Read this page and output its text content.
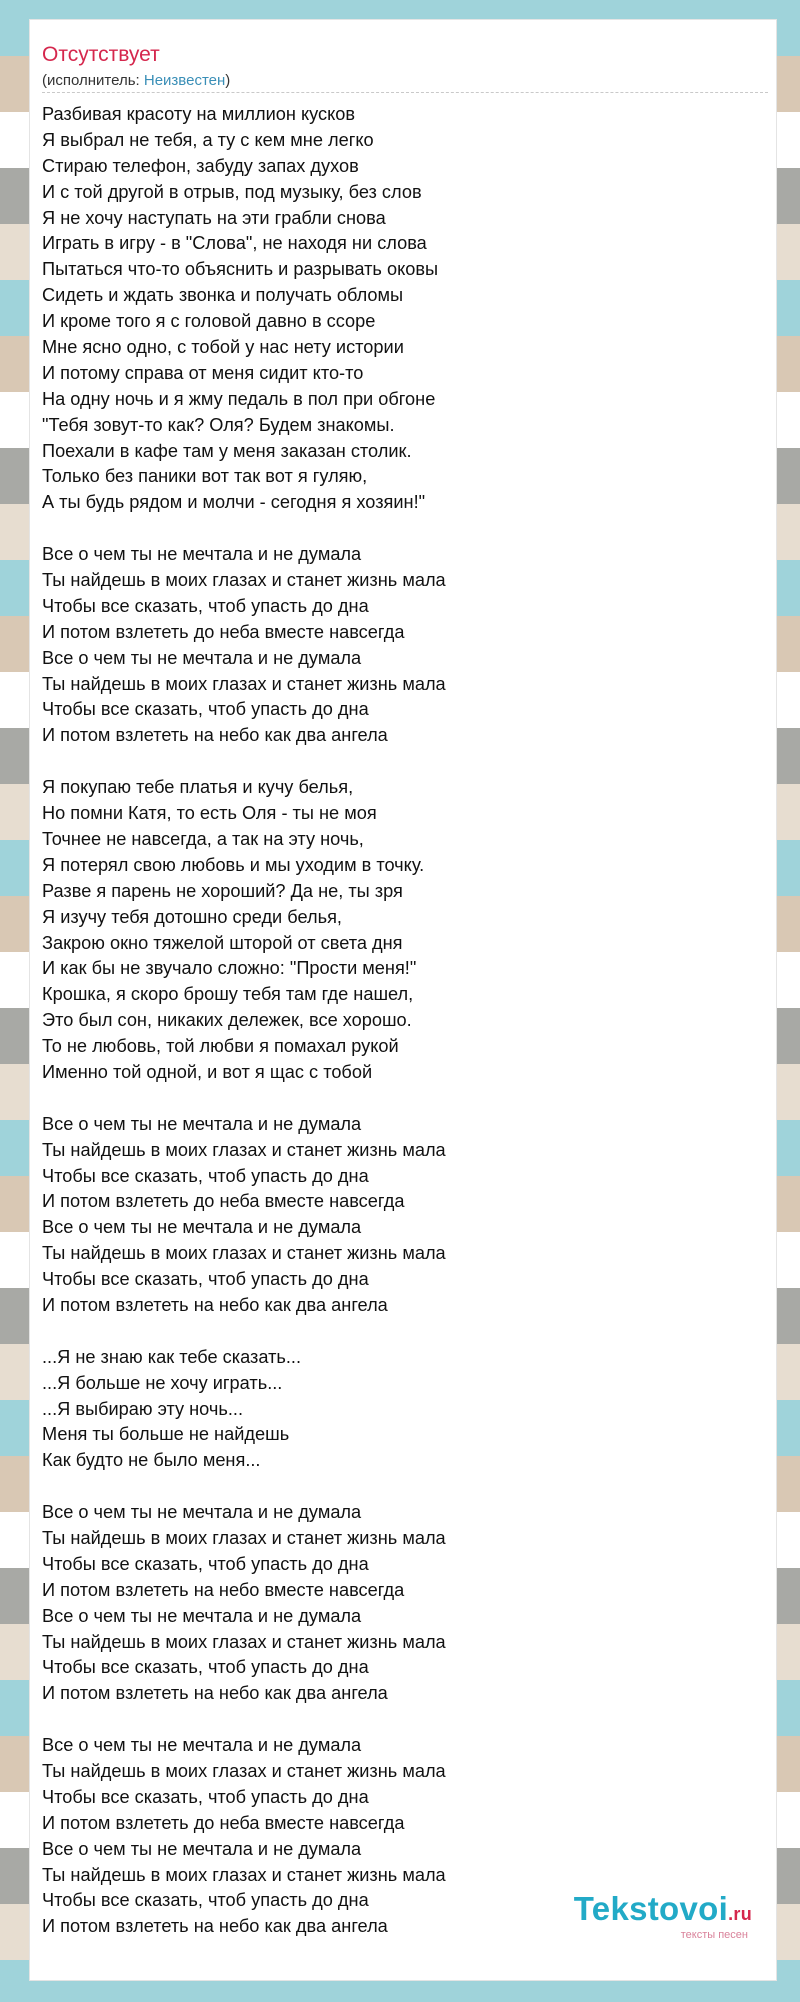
Отсутствует
(исполнитель: Неизвестен)
Разбивая красоту на миллион кусков
Я выбрал не тебя, а ту с кем мне легко
Стираю телефон, забуду запах духов
И с той другой в отрыв, под музыку, без слов
Я не хочу наступать на эти грабли снова
Играть в игру - в "Слова", не находя ни слова
Пытаться что-то объяснить и разрывать оковы
Сидеть и ждать звонка и получать обломы
И кроме того я с головой давно в ссоре
Мне ясно одно, с тобой у нас нету истории
И потому справа от меня сидит кто-то
На одну ночь и я жму педаль в пол при обгоне
"Тебя зовут-то как? Оля? Будем знакомы.
Поехали в кафе там у меня заказан столик.
Только без паники вот так вот я гуляю,
А ты будь рядом и молчи - сегодня я хозяин!"
Все о чем ты не мечтала и не думала
Ты найдешь в моих глазах и станет жизнь мала
Чтобы все сказать, чтоб упасть до дна
И потом взлететь до неба вместе навсегда
Все о чем ты не мечтала и не думала
Ты найдешь в моих глазах и станет жизнь мала
Чтобы все сказать, чтоб упасть до дна
И потом взлететь на небо как два ангела
Я покупаю тебе платья и кучу белья,
Но помни Катя, то есть Оля - ты не моя
Точнее не навсегда, а так на эту ночь,
Я потерял свою любовь и мы уходим в точку.
Разве я парень не хороший? Да не, ты зря
Я изучу тебя дотошно среди белья,
Закрою окно тяжелой шторой от света дня
И как бы не звучало сложно: "Прости меня!"
Крошка, я скоро брошу тебя там где нашел,
Это был сон, никаких дележек, все хорошо.
То не любовь, той любви я помахал рукой
Именно той одной, и вот я щас с тобой
Все о чем ты не мечтала и не думала
Ты найдешь в моих глазах и станет жизнь мала
Чтобы все сказать, чтоб упасть до дна
И потом взлететь до неба вместе навсегда
Все о чем ты не мечтала и не думала
Ты найдешь в моих глазах и станет жизнь мала
Чтобы все сказать, чтоб упасть до дна
И потом взлететь на небо как два ангела
...Я не знаю как тебе сказать...
...Я больше не хочу играть...
...Я выбираю эту ночь...
Меня ты больше не найдешь
Как будто не было меня...
Все о чем ты не мечтала и не думала
Ты найдешь в моих глазах и станет жизнь мала
Чтобы все сказать, чтоб упасть до дна
И потом взлететь на небо вместе навсегда
Все о чем ты не мечтала и не думала
Ты найдешь в моих глазах и станет жизнь мала
Чтобы все сказать, чтоб упасть до дна
И потом взлететь на небо как два ангела
Все о чем ты не мечтала и не думала
Ты найдешь в моих глазах и станет жизнь мала
Чтобы все сказать, чтоб упасть до дна
И потом взлететь до неба вместе навсегда
Все о чем ты не мечтала и не думала
Ты найдешь в моих глазах и станет жизнь мала
Чтобы все сказать, чтоб упасть до дна
И потом взлететь на небо как два ангела	Tekstovoi.ru
тексты песен
